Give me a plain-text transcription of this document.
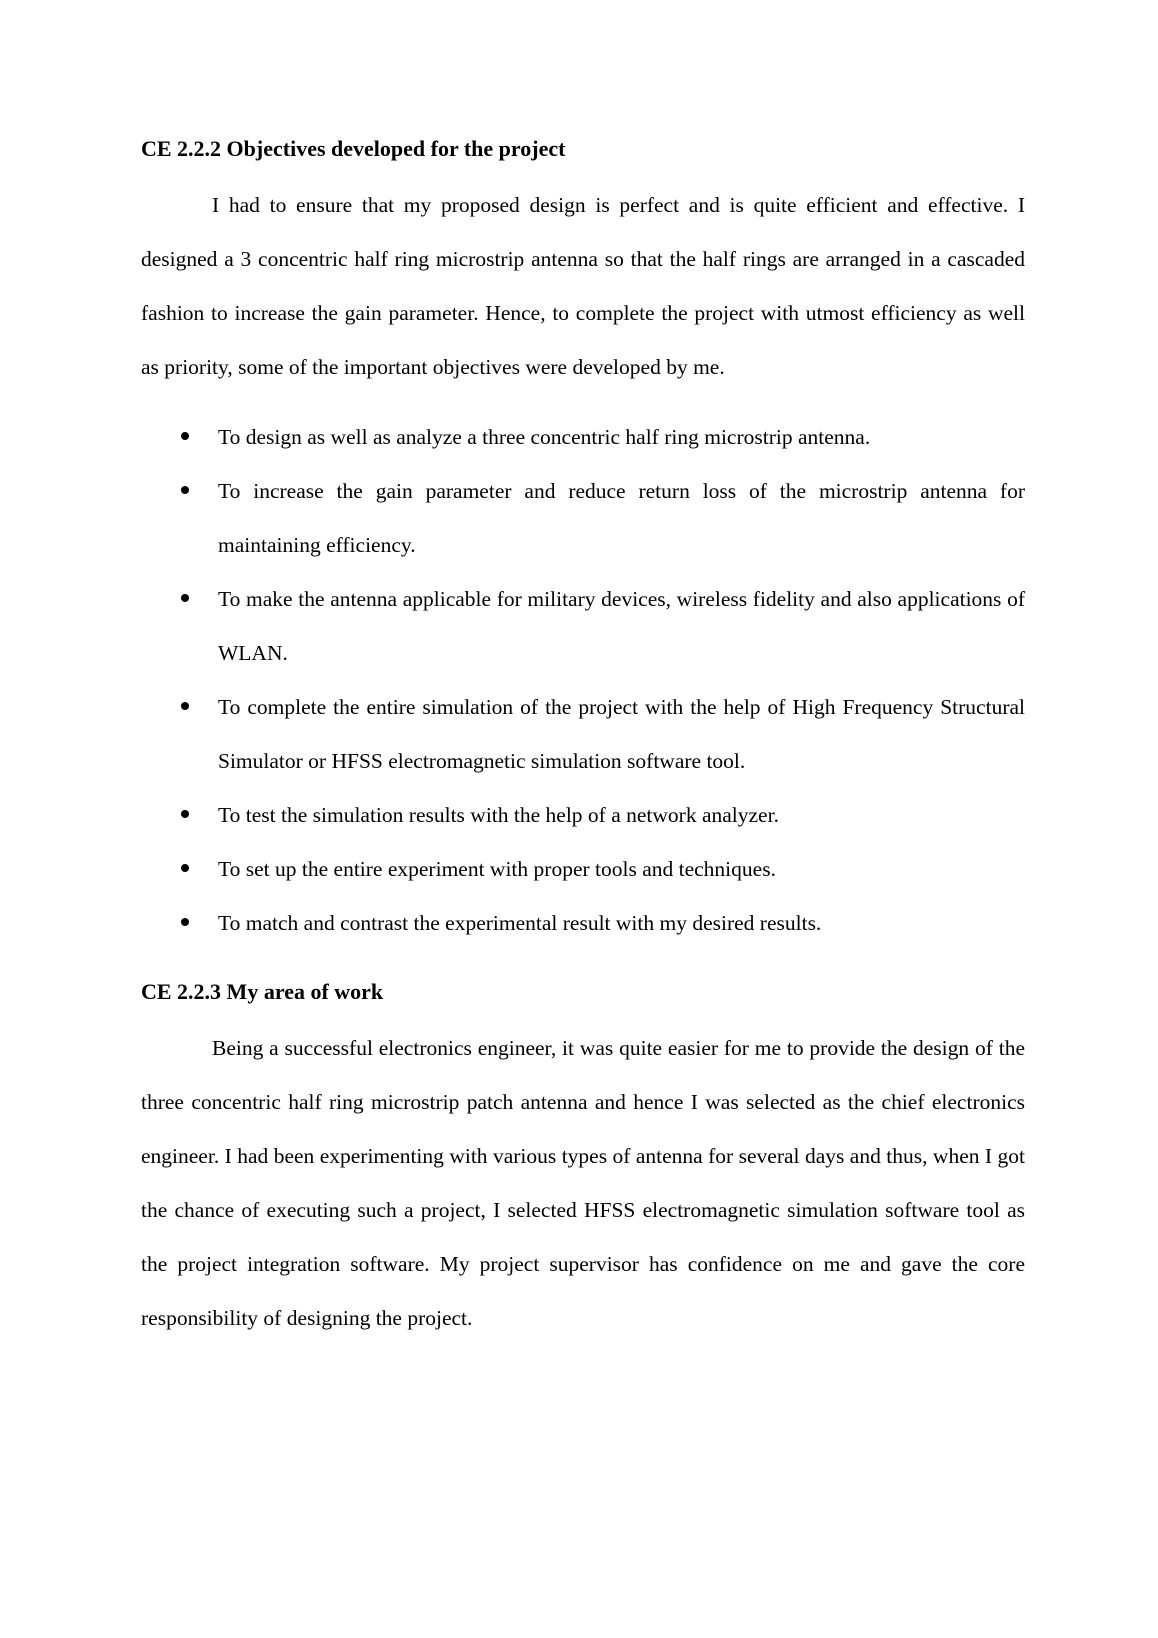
CE 2.2.2 Objectives developed for the project

I had to ensure that my proposed design is perfect and is quite efficient and effective. I designed a 3 concentric half ring microstrip antenna so that the half rings are arranged in a cascaded fashion to increase the gain parameter. Hence, to complete the project with utmost efficiency as well as priority, some of the important objectives were developed by me.

To design as well as analyze a three concentric half ring microstrip antenna.
To increase the gain parameter and reduce return loss of the microstrip antenna for maintaining efficiency.
To make the antenna applicable for military devices, wireless fidelity and also applications of WLAN.
To complete the entire simulation of the project with the help of High Frequency Structural Simulator or HFSS electromagnetic simulation software tool.
To test the simulation results with the help of a network analyzer.
To set up the entire experiment with proper tools and techniques.
To match and contrast the experimental result with my desired results.
CE 2.2.3 My area of work

Being a successful electronics engineer, it was quite easier for me to provide the design of the three concentric half ring microstrip patch antenna and hence I was selected as the chief electronics engineer. I had been experimenting with various types of antenna for several days and thus, when I got the chance of executing such a project, I selected HFSS electromagnetic simulation software tool as the project integration software. My project supervisor has confidence on me and gave the core responsibility of designing the project.
